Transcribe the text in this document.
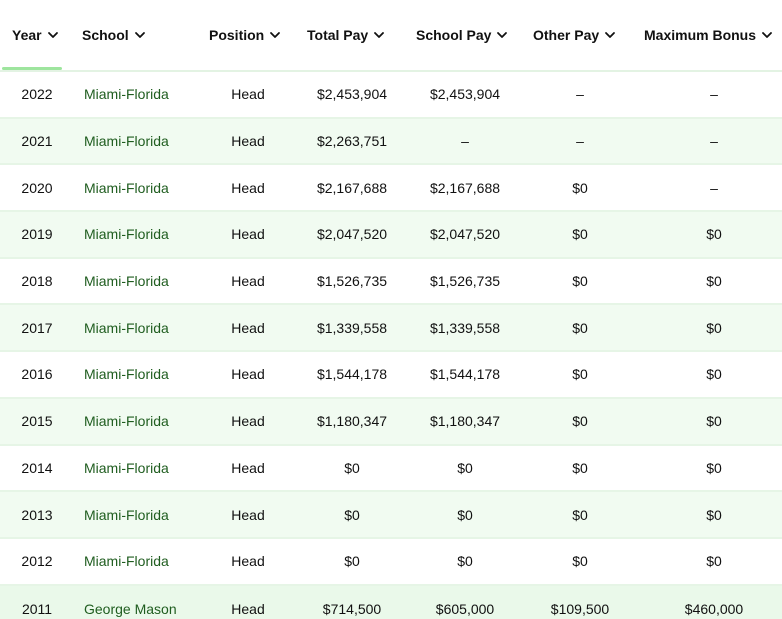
Year	School	Position	Total Pay	School Pay	Other Pay	Maximum Bonus
2022	Miami-Florida	Head	$2,453,904	$2,453,904	–	–
2021	Miami-Florida	Head	$2,263,751	–	–	–
2020	Miami-Florida	Head	$2,167,688	$2,167,688	$0	–
2019	Miami-Florida	Head	$2,047,520	$2,047,520	$0	$0
2018	Miami-Florida	Head	$1,526,735	$1,526,735	$0	$0
2017	Miami-Florida	Head	$1,339,558	$1,339,558	$0	$0
2016	Miami-Florida	Head	$1,544,178	$1,544,178	$0	$0
2015	Miami-Florida	Head	$1,180,347	$1,180,347	$0	$0
2014	Miami-Florida	Head	$0	$0	$0	$0
2013	Miami-Florida	Head	$0	$0	$0	$0
2012	Miami-Florida	Head	$0	$0	$0	$0
2011	George Mason	Head	$714,500	$605,000	$109,500	$460,000
